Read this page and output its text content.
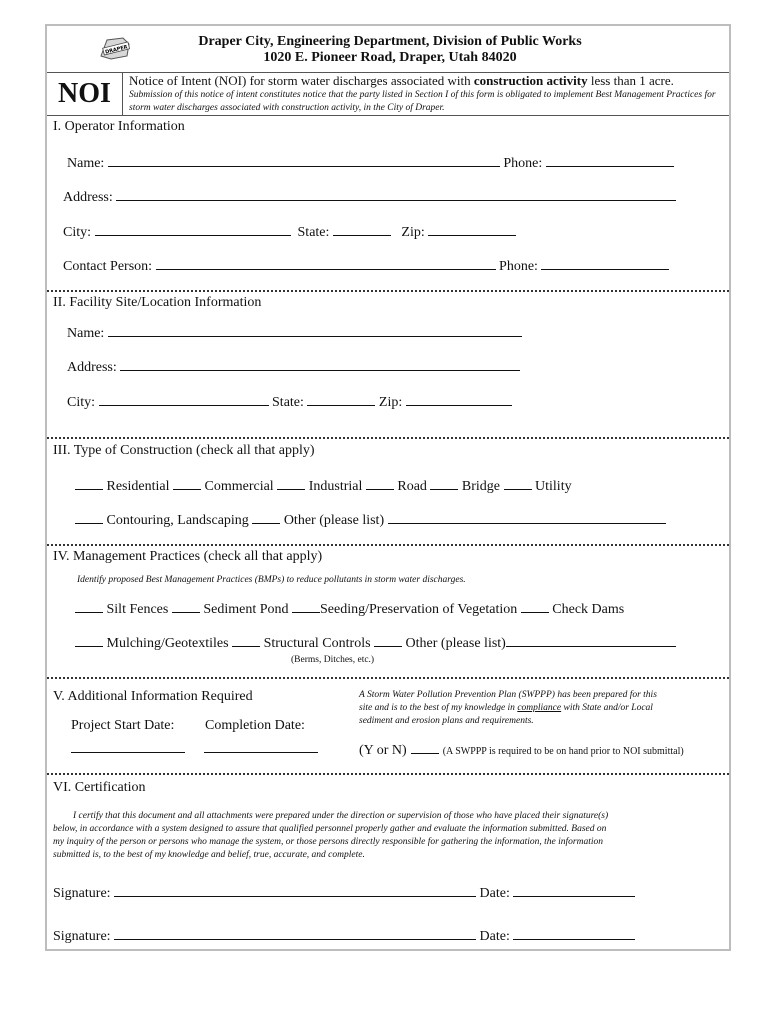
DRAPER
Draper City, Engineering Department, Division of Public Works
1020 E. Pioneer Road, Draper, Utah 84020
NOI	Notice of Intent (NOI) for storm water discharges associated with construction activity less than 1 acre.
Submission of this notice of intent constitutes notice that the party listed in Section I of this form is obligated to implement Best Management Practices for storm water discharges associated with construction activity, in the City of Draper.
I. Operator Information
Name:	Phone:
Address:
City:	State:	Zip:
Contact Person:	Phone:
II. Facility Site/Location Information
Name:
Address:
City:	State:	Zip:
III. Type of Construction (check all that apply)
Residential	Commercial	Industrial	Road	Bridge	Utility
Contouring, Landscaping	Other (please list)
IV. Management Practices (check all that apply)
Identify proposed Best Management Practices (BMPs) to reduce pollutants in storm water discharges.
Silt Fences	Sediment Pond Seeding/Preservation of Vegetation	Check Dams
Mulching/Geotextiles	Structural Controls	Other (please list)
(Berms, Ditches, etc.)
V. Additional Information Required
Project Start Date: Completion Date:
A Storm Water Pollution Prevention Plan (SWPPP) has been prepared for this
site and is to the best of my knowledge in compliance with State and/or Local
sediment and erosion plans and requirements.
(Y or N)	(A SWPPP is required to be on hand prior to NOI submittal)
VI. Certification
I certify that this document and all attachments were prepared under the direction or supervision of those who have placed their signature(s)
below, in accordance with a system designed to assure that qualified personnel properly gather and evaluate the information submitted. Based on
my inquiry of the person or persons who manage the system, or those persons directly responsible for gathering the information, the information
submitted is, to the best of my knowledge and belief, true, accurate, and complete.
Signature:	Date:
Signature:	Date:
